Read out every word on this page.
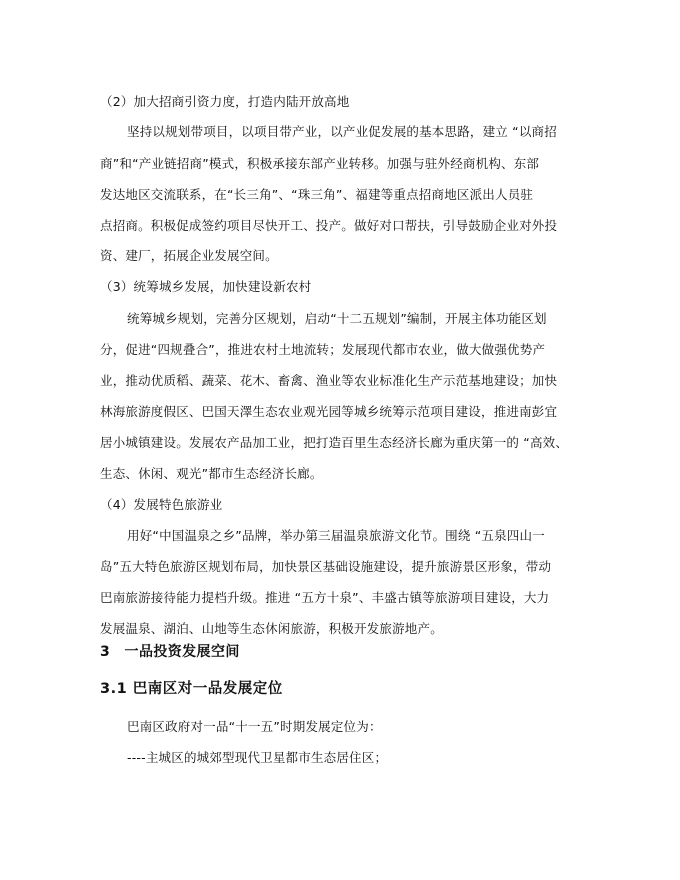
（2）加大招商引资力度，打造内陆开放高地
坚持以规划带项目，以项目带产业，以产业促发展的基本思路，建立 “以商招
商”和“产业链招商”模式，积极承接东部产业转移。加强与驻外经商机构、东部
发达地区交流联系，在“长三角”、“珠三角”、福建等重点招商地区派出人员驻
点招商。积极促成签约项目尽快开工、投产。做好对口帮扶，引导鼓励企业对外投
资、建厂，拓展企业发展空间。
（3）统筹城乡发展，加快建设新农村
统筹城乡规划，完善分区规划，启动“十二五规划”编制，开展主体功能区划
分，促进“四规叠合”，推进农村土地流转；发展现代都市农业，做大做强优势产
业，推动优质稻、蔬菜、花木、畜禽、渔业等农业标准化生产示范基地建设；加快
林海旅游度假区、巴国天澤生态农业观光园等城乡统筹示范项目建设，推进南彭宜
居小城镇建设。发展农产品加工业，把打造百里生态经济长廊为重庆第一的 “高效、
生态、休闲、观光”都市生态经济长廊。
（4）发展特色旅游业
用好“中国温泉之乡”品牌，举办第三届温泉旅游文化节。围绕 “五泉四山一
岛”五大特色旅游区规划布局，加快景区基础设施建设，提升旅游景区形象，带动
巴南旅游接待能力提档升级。推进 “五方十泉”、丰盛古镇等旅游项目建设，大力
发展温泉、湖泊、山地等生态休闲旅游，积极开发旅游地产。
3　一品投资发展空间
3.1 巴南区对一品发展定位
巴南区政府对一品“十一五”时期发展定位为：
----主城区的城郊型现代卫星都市生态居住区；
